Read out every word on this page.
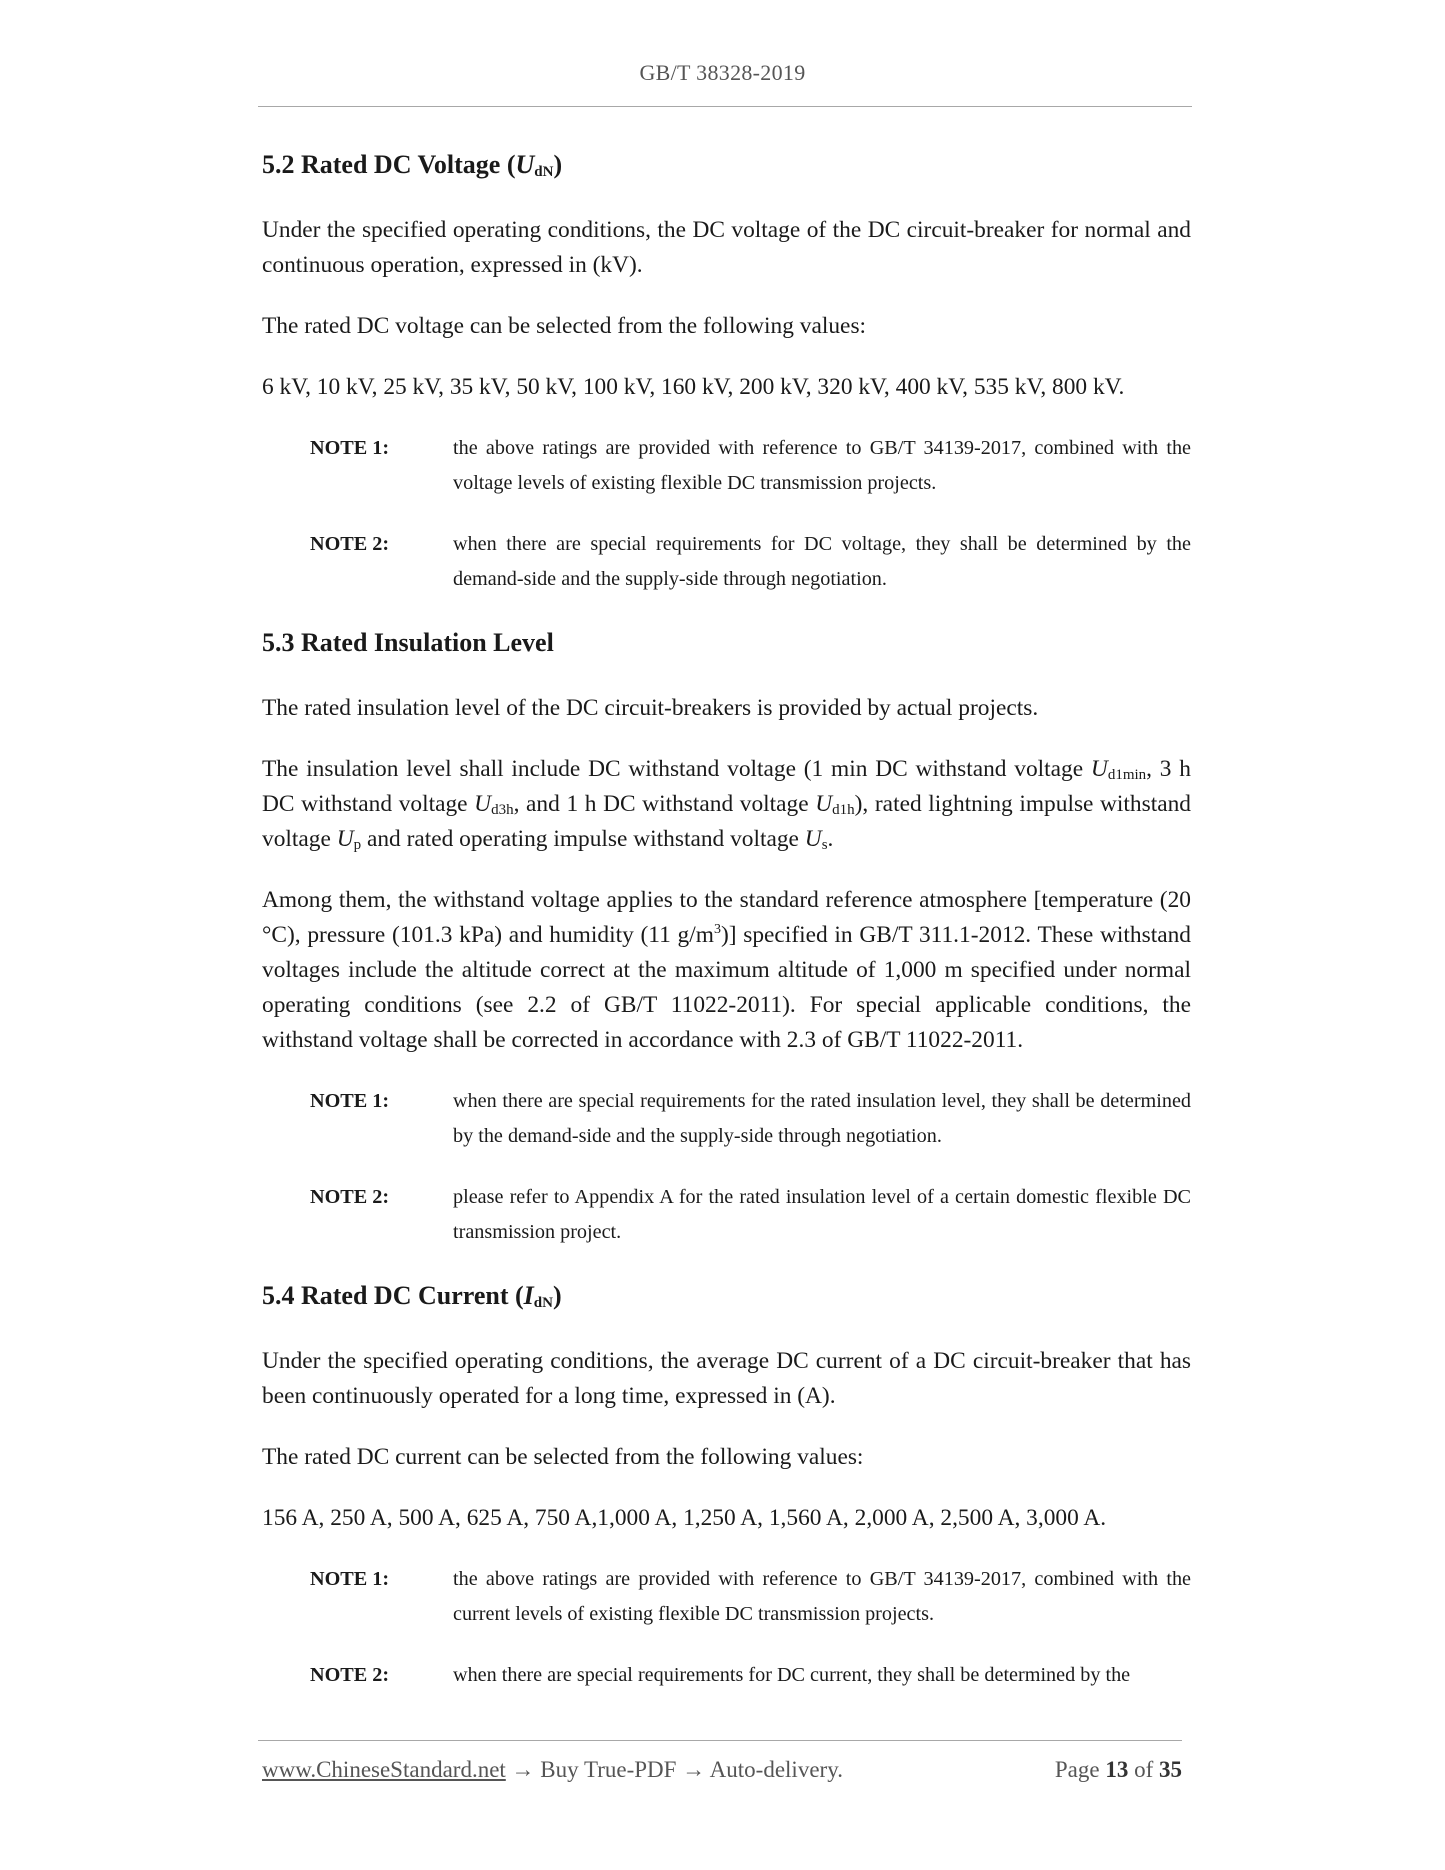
GB/T 38328-2019
5.2 Rated DC Voltage $(U_{dN})$

Under the specified operating conditions, the DC voltage of the DC circuit-breaker for normal and continuous operation, expressed in (kV).

The rated DC voltage can be selected from the following values:

6 kV, 10 kV, 25 kV, 35 kV, 50 kV, 100 kV, 160 kV, 200 kV, 320 kV, 400 kV, 535 kV, 800 kV.

NOTE 1:	the above ratings are provided with reference to GB/T 34139-2017, combined with the voltage levels of existing flexible DC transmission projects.
NOTE 2:	when there are special requirements for DC voltage, they shall be determined by the demand-side and the supply-side through negotiation.
5.3 Rated Insulation Level

The rated insulation level of the DC circuit-breakers is provided by actual projects.

The insulation level shall include DC withstand voltage (1 min DC withstand voltage $U_{d1min}$, 3 h DC withstand voltage $U_{d3h}$, and 1 h DC withstand voltage $U_{d1h}$), rated lightning impulse withstand voltage $U_p$ and rated operating impulse withstand voltage $U_s$.

Among them, the withstand voltage applies to the standard reference atmosphere [temperature (20 °C), pressure (101.3 kPa) and humidity (11 $g/m^3$)] specified in GB/T 311.1-2012. These withstand voltages include the altitude correct at the maximum altitude of 1,000 m specified under normal operating conditions (see 2.2 of GB/T 11022-2011). For special applicable conditions, the withstand voltage shall be corrected in accordance with 2.3 of GB/T 11022-2011.

NOTE 1:	when there are special requirements for the rated insulation level, they shall be determined by the demand-side and the supply-side through negotiation.
NOTE 2:	please refer to Appendix A for the rated insulation level of a certain domestic flexible DC transmission project.
5.4 Rated DC Current $(I_{dN})$

Under the specified operating conditions, the average DC current of a DC circuit-breaker that has been continuously operated for a long time, expressed in (A).

The rated DC current can be selected from the following values:

156 A, 250 A, 500 A, 625 A, 750 A,1,000 A, 1,250 A, 1,560 A, 2,000 A, 2,500 A, 3,000 A.

NOTE 1:	the above ratings are provided with reference to GB/T 34139-2017, combined with the current levels of existing flexible DC transmission projects.
NOTE 2:	when there are special requirements for DC current, they shall be determined by the
www.ChineseStandard.net → Buy True-PDF → Auto-delivery.	Page 13 of 35
